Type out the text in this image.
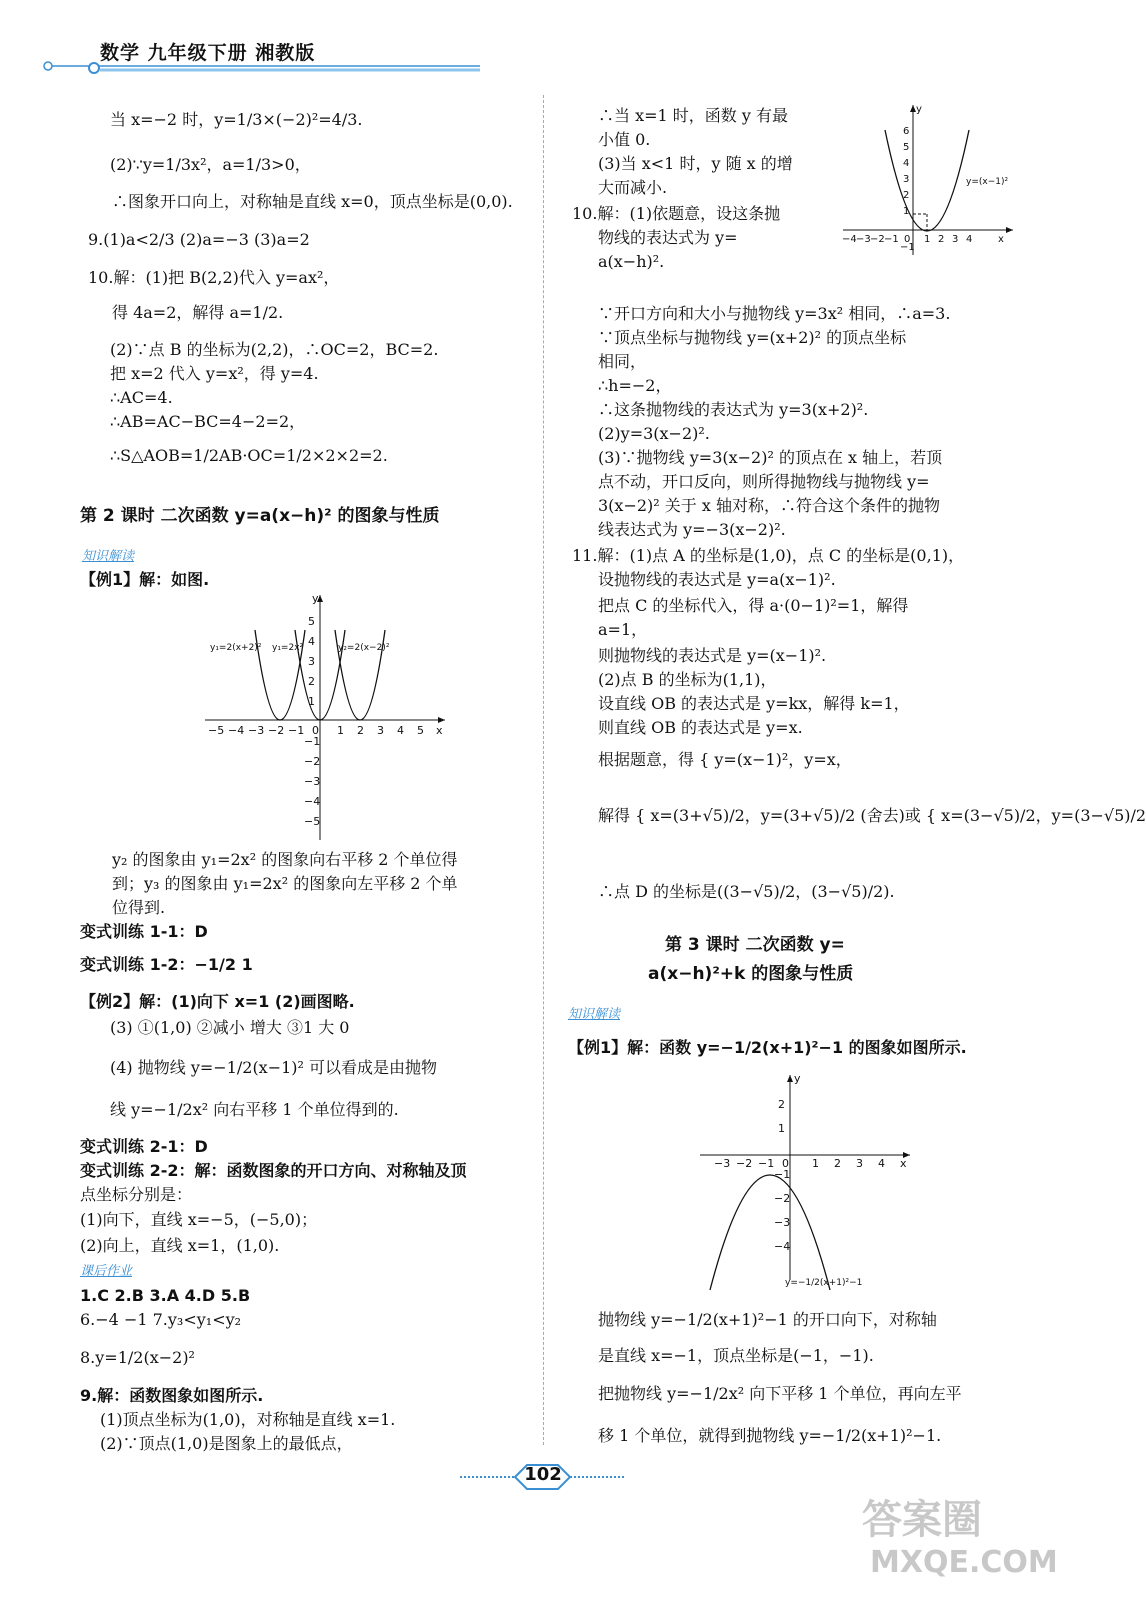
数学 九年级下册 湘教版
当 x=−2 时，y=1/3×(−2)²=4/3.
(2)∵y=1/3x²，a=1/3>0，
∴图象开口向上，对称轴是直线 x=0，顶点坐标是(0,0).
9.(1)a<2/3 (2)a=−3 (3)a=2
10.解：(1)把 B(2,2)代入 y=ax²，
得 4a=2，解得 a=1/2.
(2)∵点 B 的坐标为(2,2)，∴OC=2，BC=2.
把 x=2 代入 y=x²，得 y=4.
∴AC=4.
∴AB=AC−BC=4−2=2，
∴S△AOB=1/2AB·OC=1/2×2×2=2.
第 2 课时 二次函数 y=a(x−h)² 的图象与性质
知识解读
【例1】解：如图.
−5 −4 −3 −2 −1 0 1 2 3 4 5 x
5
4
3
2
1
−1
−2
−3
−4
−5
y
y₁=2(x+2)² y₁=2x²	y₂=2(x−2)²
y₂ 的图象由 y₁=2x² 的图象向右平移 2 个单位得
到；y₃ 的图象由 y₁=2x² 的图象向左平移 2 个单
位得到.
变式训练 1-1：D
变式训练 1-2：−1/2 1
【例2】解：(1)向下 x=1 (2)画图略.
(3) ①(1,0) ②减小 增大 ③1 大 0
(4) 抛物线 y=−1/2(x−1)² 可以看成是由抛物
线 y=−1/2x² 向右平移 1 个单位得到的.
变式训练 2-1：D
变式训练 2-2：解：函数图象的开口方向、对称轴及顶
点坐标分别是：
(1)向下，直线 x=−5，(−5,0)；
(2)向上，直线 x=1，(1,0).
课后作业
1.C 2.B 3.A 4.D 5.B
6.−4 −1 7.y₃<y₁<y₂
8.y=1/2(x−2)²
9.解：函数图象如图所示.
(1)顶点坐标为(1,0)，对称轴是直线 x=1.
(2)∵顶点(1,0)是图象上的最低点，
∴当 x=1 时，函数 y 有最
小值 0.
(3)当 x<1 时，y 随 x 的增
大而减小.
10.解：(1)依题意，设这条抛
物线的表达式为 y=
a(x−h)².
−4 −3 −2 −1 0 1 2 3 4	x
6
5
4
3
2
1
−1
y
y=(x−1)²
∵开口方向和大小与抛物线 y=3x² 相同，∴a=3.
∵顶点坐标与抛物线 y=(x+2)² 的顶点坐标
相同，
∴h=−2，
∴这条抛物线的表达式为 y=3(x+2)².
(2)y=3(x−2)².
(3)∵抛物线 y=3(x−2)² 的顶点在 x 轴上，若顶
点不动，开口反向，则所得抛物线与抛物线 y=
3(x−2)² 关于 x 轴对称，∴符合这个条件的抛物
线表达式为 y=−3(x−2)².
11.解：(1)点 A 的坐标是(1,0)，点 C 的坐标是(0,1)，
设抛物线的表达式是 y=a(x−1)².
把点 C 的坐标代入，得 a·(0−1)²=1，解得
a=1，
则抛物线的表达式是 y=(x−1)².
(2)点 B 的坐标为(1,1)，
设直线 OB 的表达式是 y=kx，解得 k=1，
则直线 OB 的表达式是 y=x.
根据题意，得 { y=(x−1)²，y=x，
解得 { x=(3+√5)/2，y=(3+√5)/2 (舍去)或 { x=(3−√5)/2，y=(3−√5)/2
∴点 D 的坐标是((3−√5)/2，(3−√5)/2).
第 3 课时 二次函数 y=
a(x−h)²+k 的图象与性质
知识解读
【例1】解：函数 y=−1/2(x+1)²−1 的图象如图所示.
−3 −2 −1 0 1 2 3 4 x
2
1
−1
−2
−3
−4
y
y=−1/2(x+1)²−1
抛物线 y=−1/2(x+1)²−1 的开口向下，对称轴
是直线 x=−1，顶点坐标是(−1，−1).
把抛物线 y=−1/2x² 向下平移 1 个单位，再向左平
移 1 个单位，就得到抛物线 y=−1/2(x+1)²−1.
102
答案圈
MXQE.COM
